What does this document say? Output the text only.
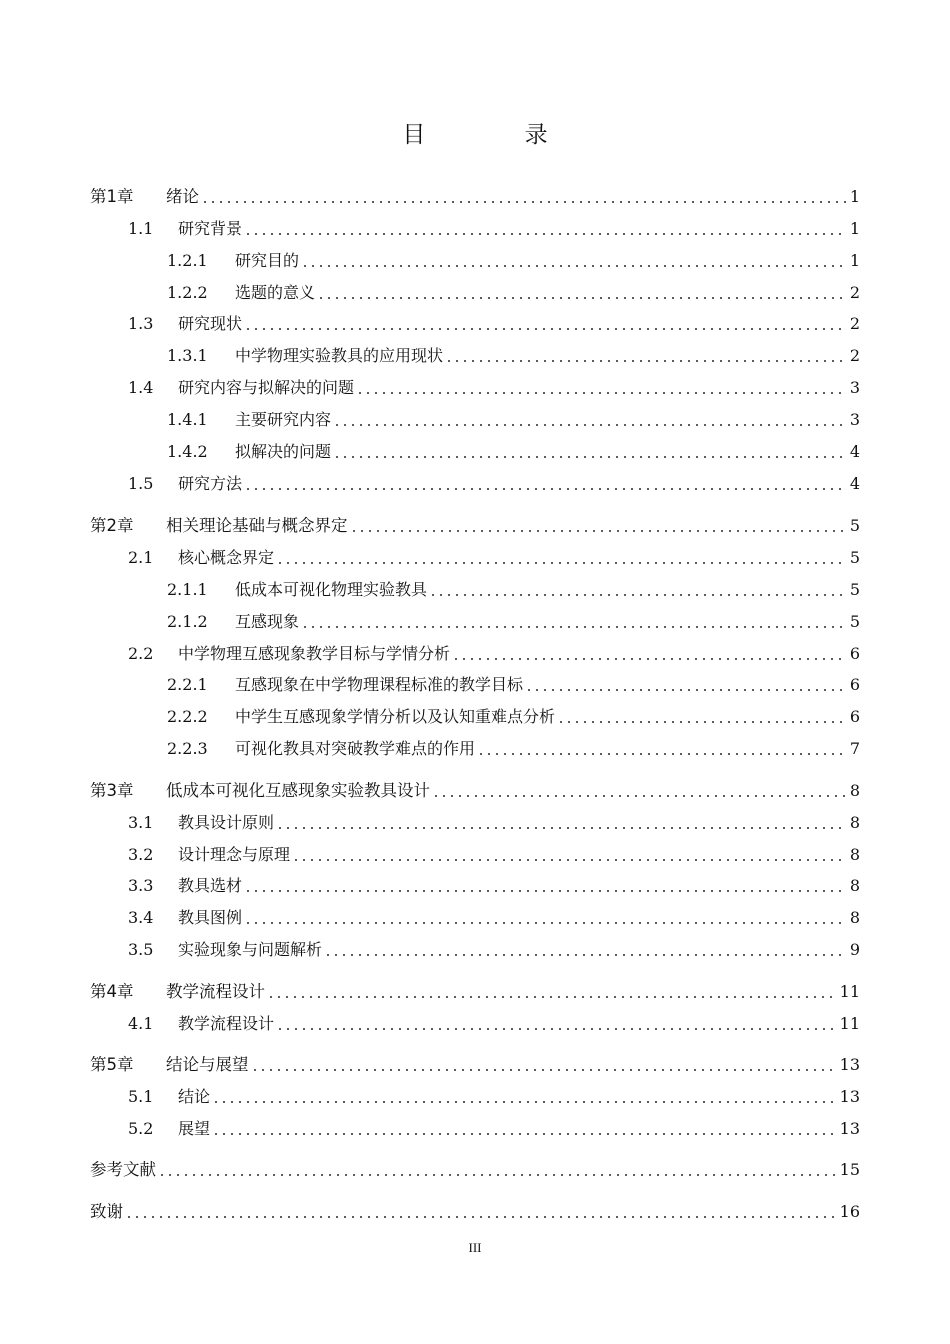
目 录
第1章	绪论	1
1.1	研究背景	1
1.2.1	研究目的	1
1.2.2	选题的意义	2
1.3	研究现状	2
1.3.1	中学物理实验教具的应用现状	2
1.4	研究内容与拟解决的问题	3
1.4.1	主要研究内容	3
1.4.2	拟解决的问题	4
1.5	研究方法	4
第2章	相关理论基础与概念界定	5
2.1	核心概念界定	5
2.1.1	低成本可视化物理实验教具	5
2.1.2	互感现象	5
2.2	中学物理互感现象教学目标与学情分析	6
2.2.1	互感现象在中学物理课程标准的教学目标	6
2.2.2	中学生互感现象学情分析以及认知重难点分析	6
2.2.3	可视化教具对突破教学难点的作用	7
第3章	低成本可视化互感现象实验教具设计	8
3.1	教具设计原则	8
3.2	设计理念与原理	8
3.3	教具选材	8
3.4	教具图例	8
3.5	实验现象与问题解析	9
第4章	教学流程设计	11
4.1	教学流程设计	11
第5章	结论与展望	13
5.1	结论	13
5.2	展望	13
参考文献	15
致谢	16
III
